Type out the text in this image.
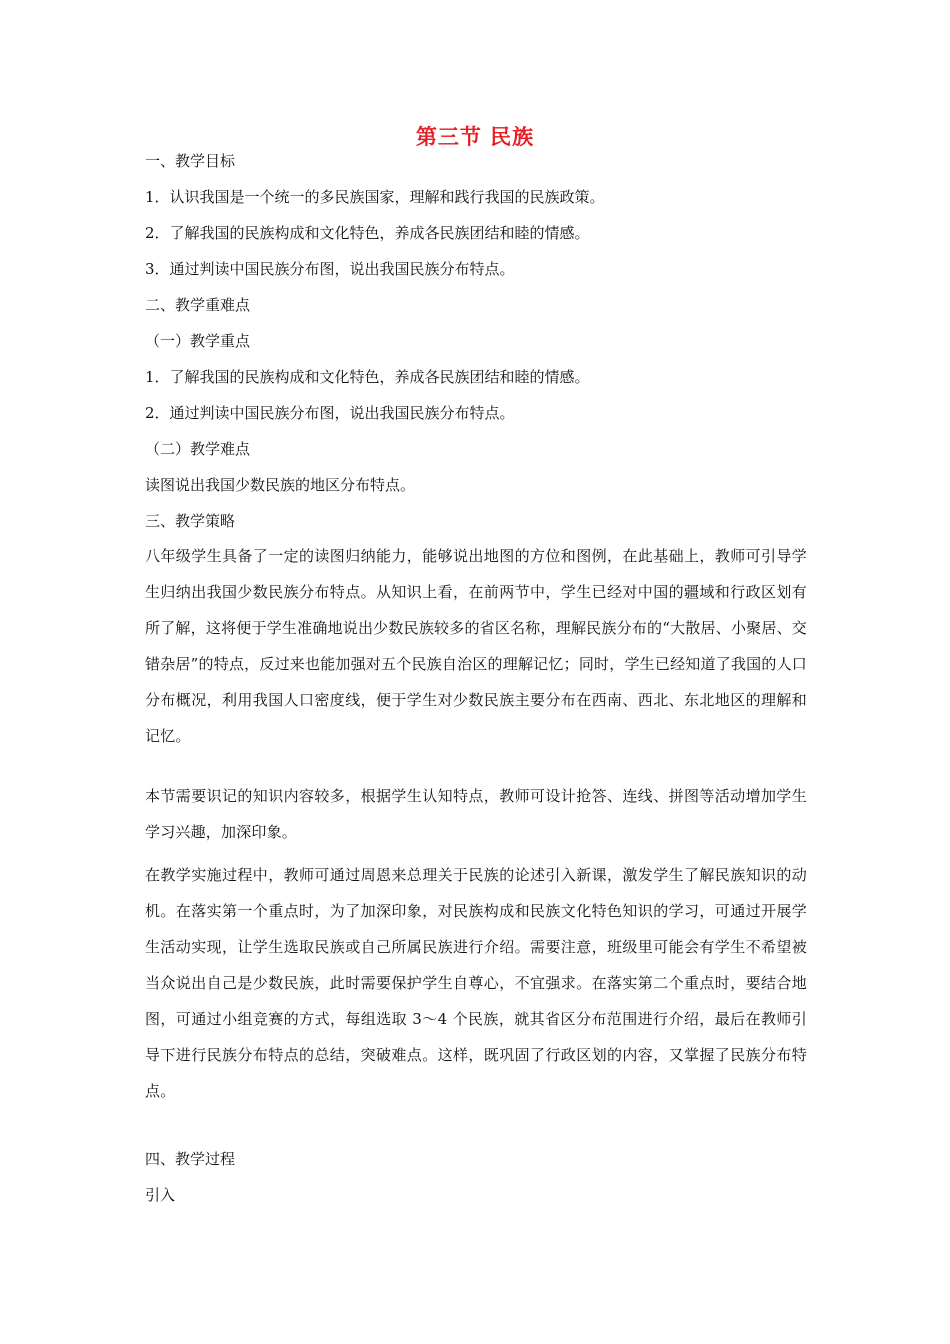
第三节 民族
一、教学目标
1．认识我国是一个统一的多民族国家，理解和践行我国的民族政策。
2．了解我国的民族构成和文化特色，养成各民族团结和睦的情感。
3．通过判读中国民族分布图，说出我国民族分布特点。
二、教学重难点
（一）教学重点
1．了解我国的民族构成和文化特色，养成各民族团结和睦的情感。
2．通过判读中国民族分布图，说出我国民族分布特点。
（二）教学难点
读图说出我国少数民族的地区分布特点。
三、教学策略
八年级学生具备了一定的读图归纳能力，能够说出地图的方位和图例，在此基础上，教师可引导学生归纳出我国少数民族分布特点。从知识上看，在前两节中，学生已经对中国的疆域和行政区划有所了解，这将便于学生准确地说出少数民族较多的省区名称，理解民族分布的“大散居、小聚居、交错杂居”的特点，反过来也能加强对五个民族自治区的理解记忆；同时，学生已经知道了我国的人口分布概况，利用我国人口密度线，便于学生对少数民族主要分布在西南、西北、东北地区的理解和记忆。
本节需要识记的知识内容较多，根据学生认知特点，教师可设计抢答、连线、拼图等活动增加学生学习兴趣，加深印象。
在教学实施过程中，教师可通过周恩来总理关于民族的论述引入新课，激发学生了解民族知识的动机。在落实第一个重点时，为了加深印象，对民族构成和民族文化特色知识的学习，可通过开展学生活动实现，让学生选取民族或自己所属民族进行介绍。需要注意，班级里可能会有学生不希望被当众说出自己是少数民族，此时需要保护学生自尊心，不宜强求。在落实第二个重点时，要结合地图，可通过小组竞赛的方式，每组选取 3～4 个民族，就其省区分布范围进行介绍，最后在教师引导下进行民族分布特点的总结，突破难点。这样，既巩固了行政区划的内容，又掌握了民族分布特点。
四、教学过程
引入
